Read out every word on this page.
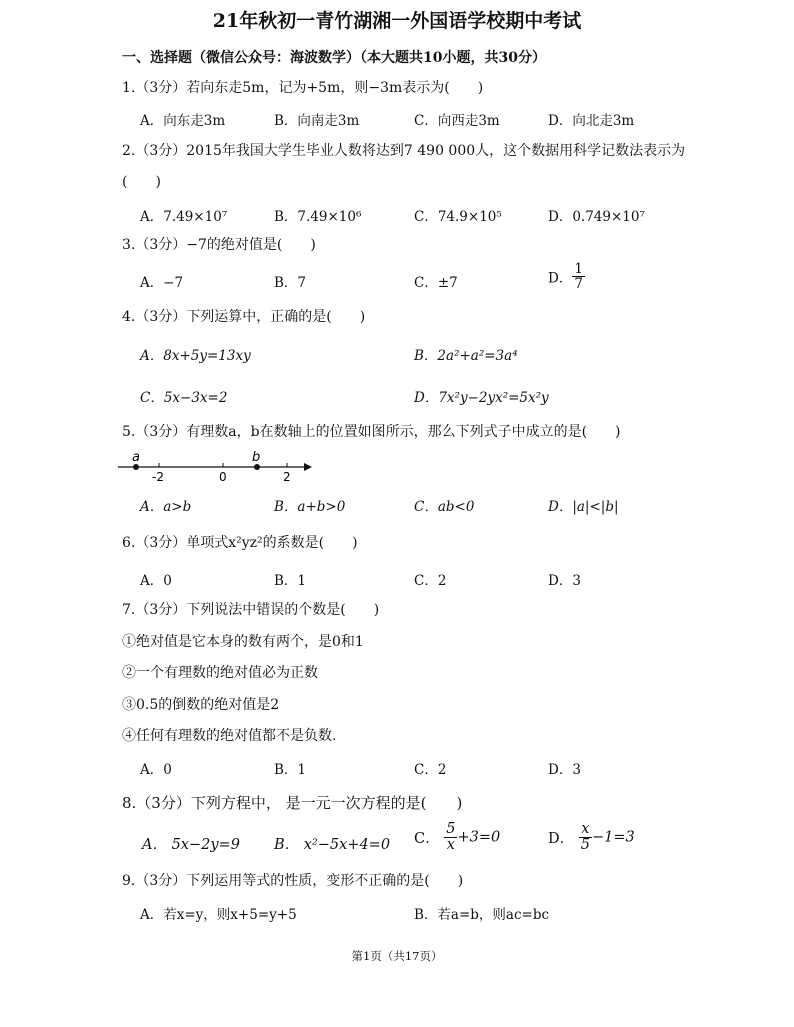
21年秋初一青竹湖湘一外国语学校期中考试
一、选择题（微信公众号：海波数学）（本大题共10小题，共30分）
1.（3分）若向东走5m，记为+5m，则−3m表示为(　　)
A．向东走3m	B．向南走3m	C．向西走3m	D．向北走3m
2.（3分）2015年我国大学生毕业人数将达到7 490 000人，这个数据用科学记数法表示为
(　　)
A．7.49×10⁷	B．7.49×10⁶	C．74.9×10⁵	D．0.749×10⁷
3.（3分）−7的绝对值是(　　)
A．−7	B．7	C．±7	D． $\frac{1}{7}$
4.（3分）下列运算中，正确的是(　　)
A．8x+5y=13xy	B．2a²+a²=3a⁴
C．5x−3x=2	D．7x²y−2yx²=5x²y
5.（3分）有理数a，b在数轴上的位置如图所示，那么下列式子中成立的是(　　)
a
-2	0
b
2
A．a>b	B．a+b>0	C．ab<0	D．|a|<|b|
6.（3分）单项式x²yz²的系数是(　　)
A．0	B．1	C．2	D．3
7.（3分）下列说法中错误的个数是(　　)
①绝对值是它本身的数有两个，是0和1
②一个有理数的绝对值必为正数
③0.5的倒数的绝对值是2
④任何有理数的绝对值都不是负数.
A．0	B．1	C．2	D．3
8.（3分）下列方程中， 是一元一次方程的是(　　)
A． 5x−2y=9 B． x²−5x+4=0 C． $\frac{5}{x} +3=0$	D． $\frac{x}{5} -1=3$
9.（3分）下列运用等式的性质，变形不正确的是(　　)
A．若x=y，则x+5=y+5	B．若a=b，则ac=bc
第1页（共17页）
